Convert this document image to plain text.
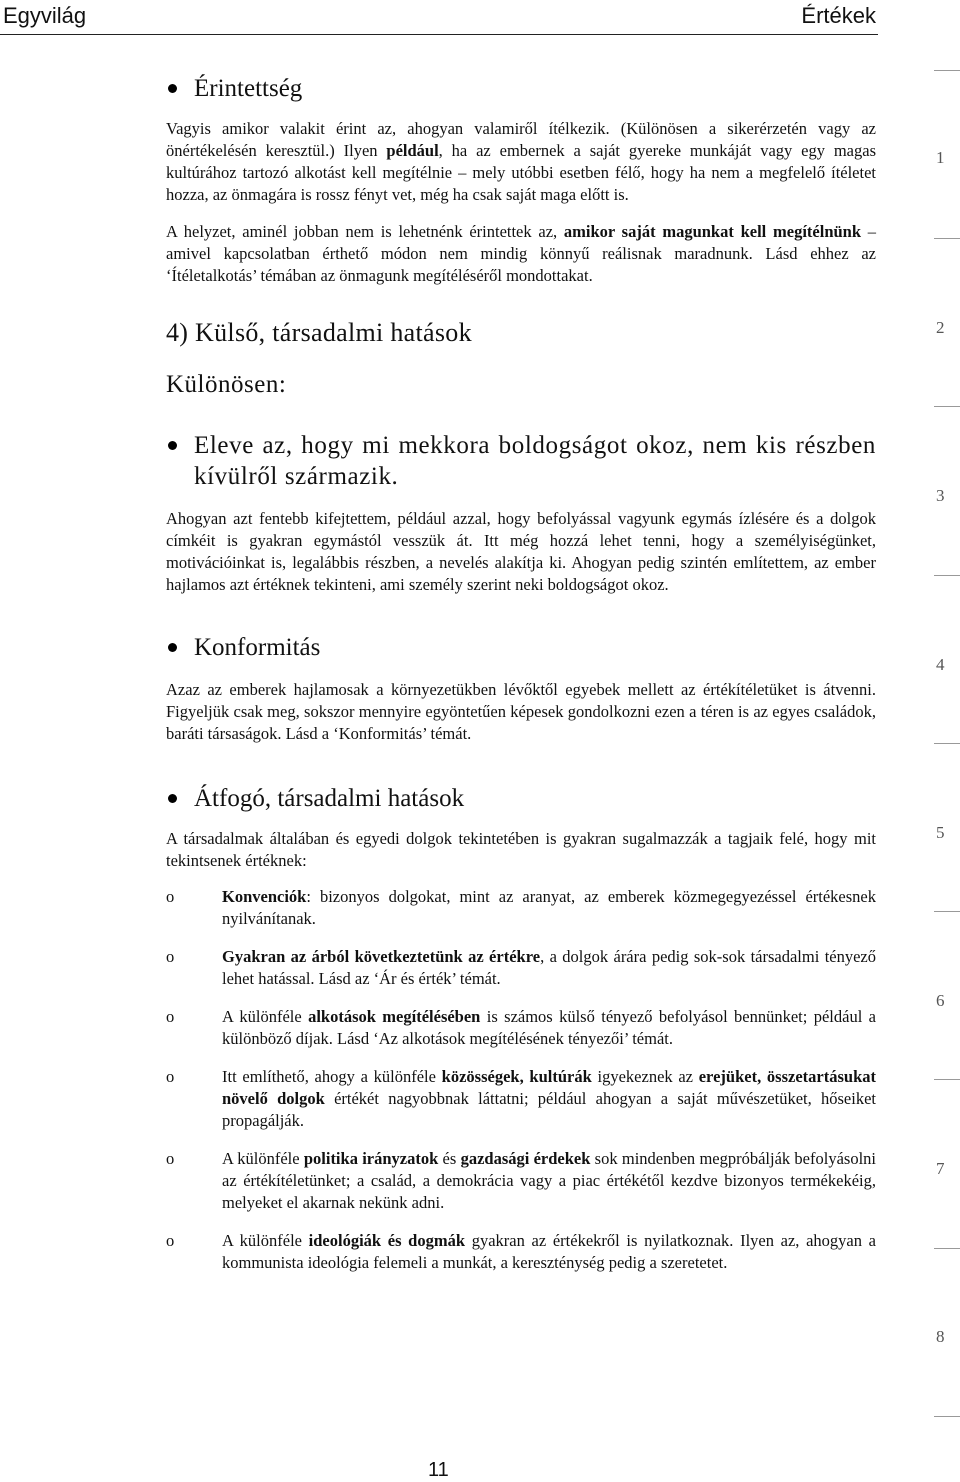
Egyvilág	Értékek
Érintettség

Vagyis amikor valakit érint az, ahogyan valamiről ítélkezik. (Különösen a sikerérzetén vagy az önértékelésén keresztül.) Ilyen például, ha az embernek a saját gyereke munkáját vagy egy magas kultúrához tartozó alkotást kell megítélnie – mely utóbbi esetben félő, hogy ha nem a megfelelő ítéletet hozza, az önmagára is rossz fényt vet, még ha csak saját maga előtt is.

A helyzet, aminél jobban nem is lehetnénk érintettek az, amikor saját magunkat kell megítélnünk – amivel kapcsolatban érthető módon nem mindig könnyű reálisnak maradnunk. Lásd ehhez az ‘Ítéletalkotás’ témában az önmagunk megítéléséről mondottakat.

4) Külső, társadalmi hatások

Különösen:

Eleve az, hogy mi mekkora boldogságot okoz, nem kis részben kívülről származik.

Ahogyan azt fentebb kifejtettem, például azzal, hogy befolyással vagyunk egymás ízlésére és a dolgok címkéit is gyakran egymástól vesszük át. Itt még hozzá lehet tenni, hogy a személyiségünket, motivációinkat is, legalábbis részben, a nevelés alakítja ki. Ahogyan pedig szintén említettem, az ember hajlamos azt értéknek tekinteni, ami személy szerint neki boldogságot okoz.

Konformitás

Azaz az emberek hajlamosak a környezetükben lévőktől egyebek mellett az értékítéletüket is átvenni. Figyeljük csak meg, sokszor mennyire egyöntetűen képesek gondolkozni ezen a téren is az egyes családok, baráti társaságok. Lásd a ‘Konformitás’ témát.

Átfogó, társadalmi hatások

A társadalmak általában és egyedi dolgok tekintetében is gyakran sugalmazzák a tagjaik felé, hogy mit tekintsenek értéknek:

o	Konvenciók: bizonyos dolgokat, mint az aranyat, az emberek közmegegyezéssel értékesnek nyilvánítanak.
o	Gyakran az árból következtetünk az értékre, a dolgok árára pedig sok-sok társadalmi tényező lehet hatással. Lásd az ‘Ár és érték’ témát.
o	A különféle alkotások megítélésében is számos külső tényező befolyásol bennünket; például a különböző díjak. Lásd ‘Az alkotások megítélésének tényezői’ témát.
o	Itt említhető, ahogy a különféle közösségek, kultúrák igyekeznek az erejüket, összetartásukat növelő dolgok értékét nagyobbnak láttatni; például ahogyan a saját művészetüket, hőseiket propagálják.
o	A különféle politika irányzatok és gazdasági érdekek sok mindenben megpróbálják befolyásolni az értékítéletünket; a család, a demokrácia vagy a piac értékétől kezdve bizonyos termékekéig, melyeket el akarnak nekünk adni.
o	A különféle ideológiák és dogmák gyakran az értékekről is nyilatkoznak. Ilyen az, ahogyan a kommunista ideológia felemeli a munkát, a kereszténység pedig a szeretetet.
1
2
3
4
5
6
7
8
11
